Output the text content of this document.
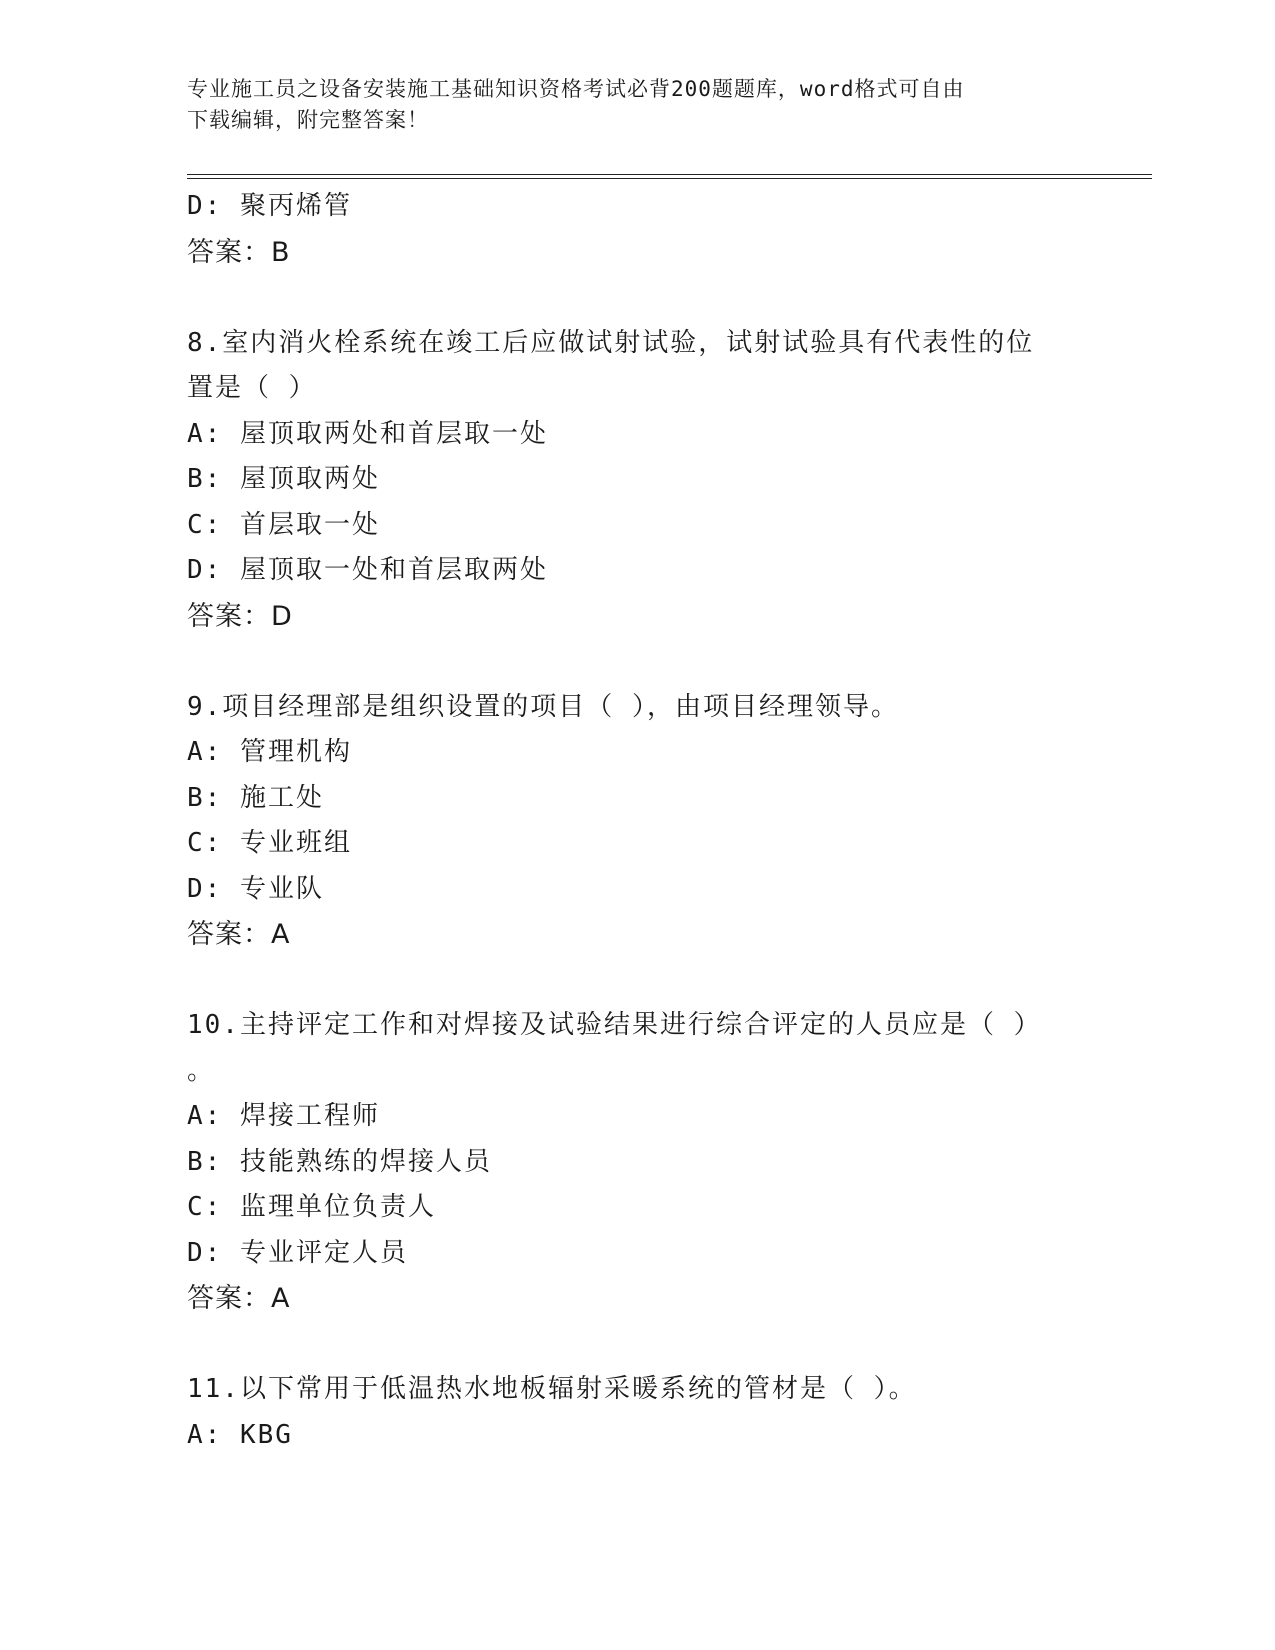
专业施工员之设备安装施工基础知识资格考试必背200题题库，word格式可自由
下载编辑，附完整答案！
D: 聚丙烯管
答案：B
8.室内消火栓系统在竣工后应做试射试验，试射试验具有代表性的位
置是（ ）
A: 屋顶取两处和首层取一处
B: 屋顶取两处
C: 首层取一处
D: 屋顶取一处和首层取两处
答案：D
9.项目经理部是组织设置的项目（ ），由项目经理领导。
A: 管理机构
B: 施工处
C: 专业班组
D: 专业队
答案：A
10.主持评定工作和对焊接及试验结果进行综合评定的人员应是（ ）
。
A: 焊接工程师
B: 技能熟练的焊接人员
C: 监理单位负责人
D: 专业评定人员
答案：A
11.以下常用于低温热水地板辐射采暖系统的管材是（ ）。
A: KBG
